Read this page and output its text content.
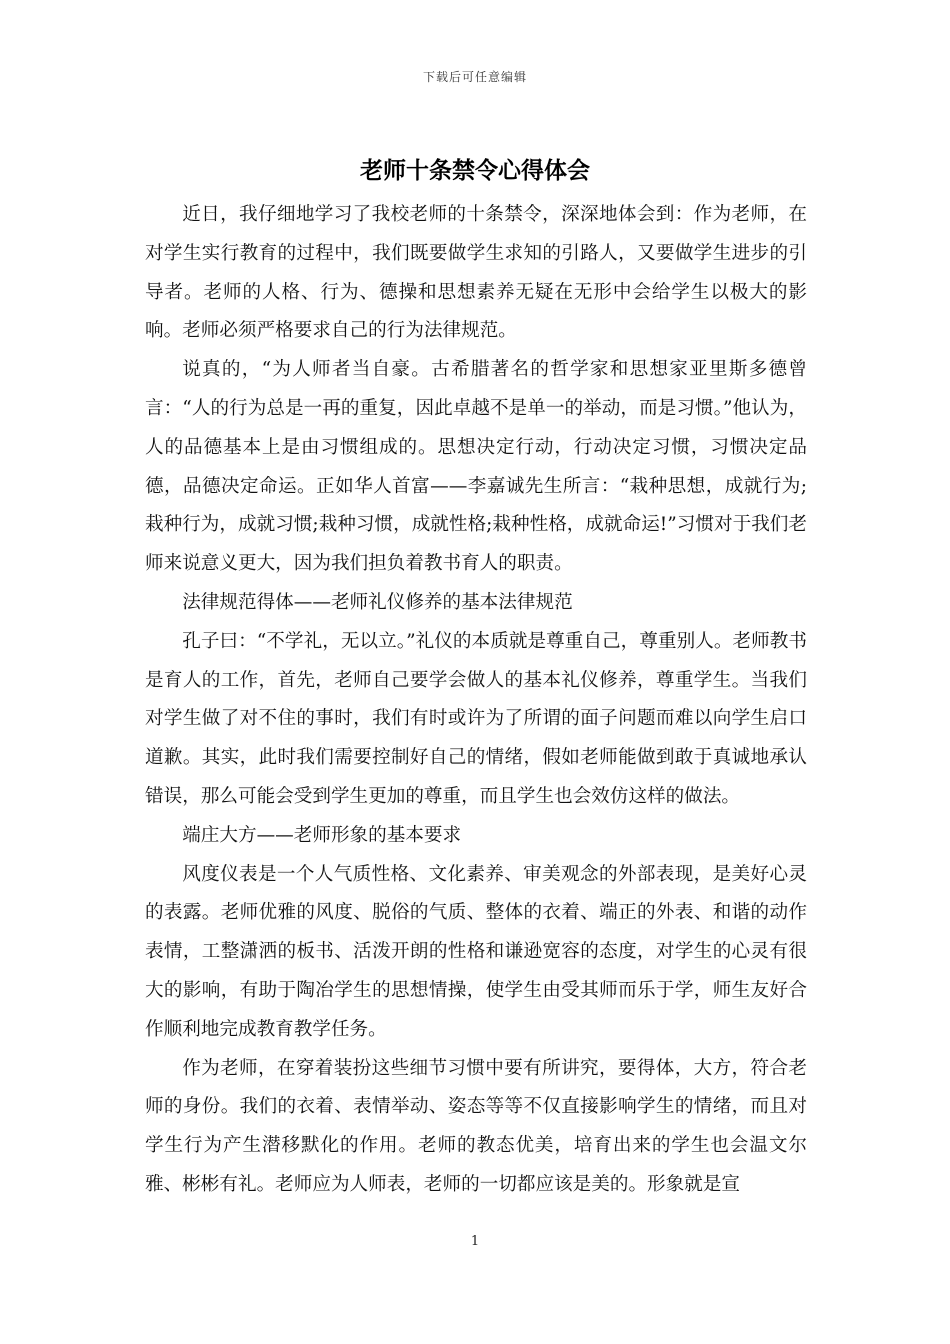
下载后可任意编辑
老师十条禁令心得体会

近日，我仔细地学习了我校老师的十条禁令，深深地体会到：作为老师，在对学生实行教育的过程中，我们既要做学生求知的引路人，又要做学生进步的引导者。老师的人格、行为、德操和思想素养无疑在无形中会给学生以极大的影响。老师必须严格要求自己的行为法律规范。

说真的，“为人师者当自豪。古希腊著名的哲学家和思想家亚里斯多德曾言：“人的行为总是一再的重复，因此卓越不是单一的举动，而是习惯。”他认为，人的品德基本上是由习惯组成的。思想决定行动，行动决定习惯，习惯决定品德，品德决定命运。正如华人首富——李嘉诚先生所言：“栽种思想，成就行为;栽种行为，成就习惯;栽种习惯，成就性格;栽种性格，成就命运!”习惯对于我们老师来说意义更大，因为我们担负着教书育人的职责。

法律规范得体——老师礼仪修养的基本法律规范

孔子曰：“不学礼，无以立。”礼仪的本质就是尊重自己，尊重别人。老师教书是育人的工作，首先，老师自己要学会做人的基本礼仪修养，尊重学生。当我们对学生做了对不住的事时，我们有时或许为了所谓的面子问题而难以向学生启口道歉。其实，此时我们需要控制好自己的情绪，假如老师能做到敢于真诚地承认错误，那么可能会受到学生更加的尊重，而且学生也会效仿这样的做法。

端庄大方——老师形象的基本要求

风度仪表是一个人气质性格、文化素养、审美观念的外部表现，是美好心灵的表露。老师优雅的风度、脱俗的气质、整体的衣着、端正的外表、和谐的动作表情，工整潇洒的板书、活泼开朗的性格和谦逊宽容的态度，对学生的心灵有很大的影响，有助于陶冶学生的思想情操，使学生由受其师而乐于学，师生友好合作顺利地完成教育教学任务。

作为老师，在穿着装扮这些细节习惯中要有所讲究，要得体，大方，符合老师的身份。我们的衣着、表情举动、姿态等等不仅直接影响学生的情绪，而且对学生行为产生潜移默化的作用。老师的教态优美，培育出来的学生也会温文尔雅、彬彬有礼。老师应为人师表，老师的一切都应该是美的。形象就是宣

1
